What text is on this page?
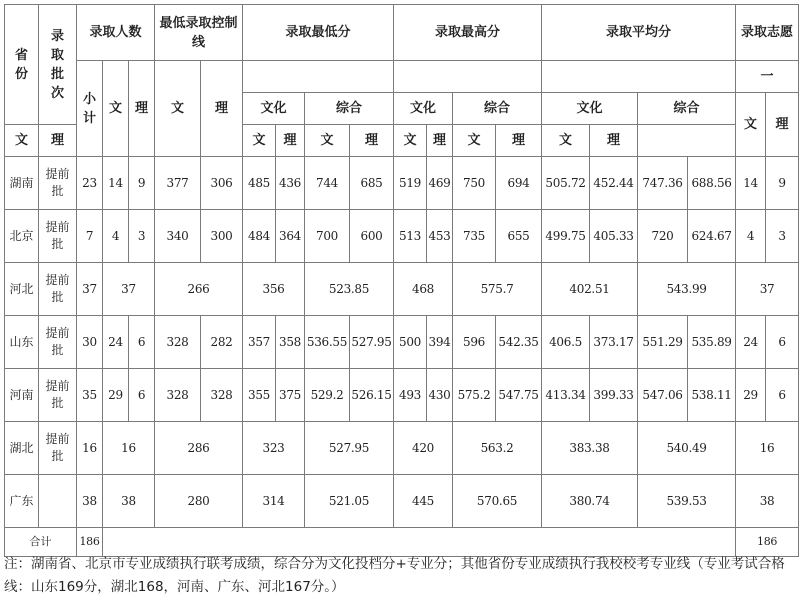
省份	录取批次	录取人数			最低录取控制线		录取最低分				录取最高分				录取平均分				录取志愿	
		小计	文	理	文	理													一	
							文化		综合		文化		综合		文化		综合		文	理
文	理						文	理	文	理	文	理	文	理	文	理				
湖南	提前批	23	14	9	377	306	485	436	744	685	519	469	750	694	505.72	452.44	747.36	688.56	14	9
北京	提前批	7	4	3	340	300	484	364	700	600	513	453	735	655	499.75	405.33	720	624.67	4	3
河北	提前批	37	37		266		356		523.85		468		575.7		402.51		543.99		37	
山东	提前批	30	24	6	328	282	357	358	536.55	527.95	500	394	596	542.35	406.5	373.17	551.29	535.89	24	6
河南	提前批	35	29	6	328	328	355	375	529.2	526.15	493	430	575.2	547.75	413.34	399.33	547.06	538.11	29	6
湖北	提前批	16	16		286		323		527.95		420		563.2		383.38		540.49		16	
广东		38	38		280		314		521.05		445		570.65		380.74		539.53		38	
合计		186																	186	
注：湖南省、北京市专业成绩执行联考成绩，综合分为文化投档分+专业分；其他省份专业成绩执行我校校考专业线（专业考试合格线：山东169分，湖北168，河南、广东、河北167分。）
